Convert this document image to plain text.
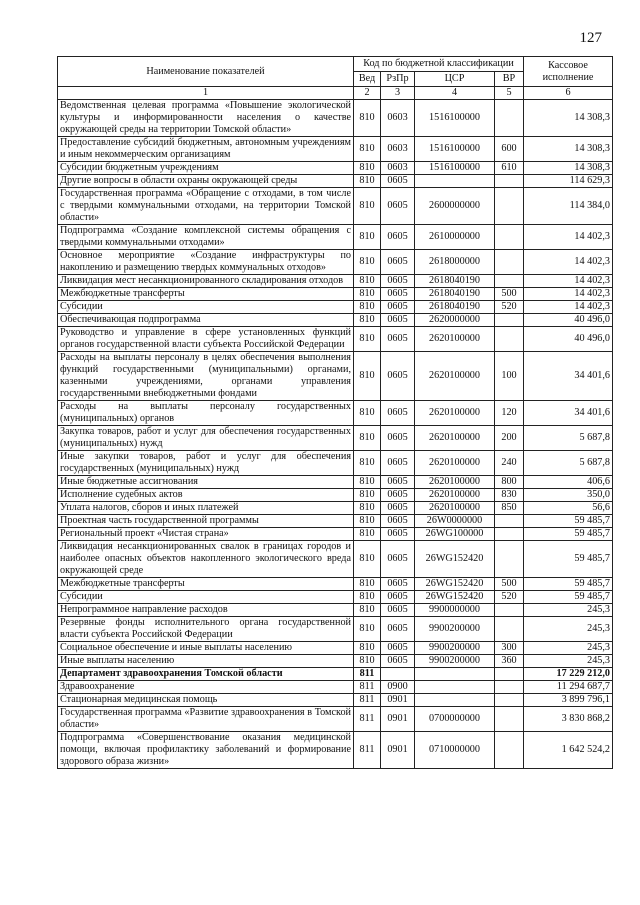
127
Наименование показателей	Код по бюджетной классификации				Кассовое исполнение
	Вед	РзПр	ЦСР	ВР	
1	2	3	4	5	6
Ведомственная целевая программа «Повышение экологической культуры и информированности населения о качестве окружающей среды на территории Томской области»	810	0603	1516100000		14 308,3
Предоставление субсидий бюджетным, автономным учреждениям и иным некоммерческим организациям	810	0603	1516100000	600	14 308,3
Субсидии бюджетным учреждениям	810	0603	1516100000	610	14 308,3
Другие вопросы в области охраны окружающей среды	810	0605			114 629,3
Государственная программа «Обращение с отходами, в том числе с твердыми коммунальными отходами, на территории Томской области»	810	0605	2600000000		114 384,0
Подпрограмма «Создание комплексной системы обращения с твердыми коммунальными отходами»	810	0605	2610000000		14 402,3
Основное мероприятие «Создание инфраструктуры по накоплению и размещению твердых коммунальных отходов»	810	0605	2618000000		14 402,3
Ликвидация мест несанкционированного складирования отходов	810	0605	2618040190		14 402,3
Межбюджетные трансферты	810	0605	2618040190	500	14 402,3
Субсидии	810	0605	2618040190	520	14 402,3
Обеспечивающая подпрограмма	810	0605	2620000000		40 496,0
Руководство и управление в сфере установленных функций органов государственной власти субъекта Российской Федерации	810	0605	2620100000		40 496,0
Расходы на выплаты персоналу в целях обеспечения выполнения функций государственными (муниципальными) органами, казенными учреждениями, органами управления государственными внебюджетными фондами	810	0605	2620100000	100	34 401,6
Расходы на выплаты персоналу государственных (муниципальных) органов	810	0605	2620100000	120	34 401,6
Закупка товаров, работ и услуг для обеспечения государственных (муниципальных) нужд	810	0605	2620100000	200	5 687,8
Иные закупки товаров, работ и услуг для обеспечения государственных (муниципальных) нужд	810	0605	2620100000	240	5 687,8
Иные бюджетные ассигнования	810	0605	2620100000	800	406,6
Исполнение судебных актов	810	0605	2620100000	830	350,0
Уплата налогов, сборов и иных платежей	810	0605	2620100000	850	56,6
Проектная часть государственной программы	810	0605	26W0000000		59 485,7
Региональный проект «Чистая страна»	810	0605	26WG100000		59 485,7
Ликвидация несанкционированных свалок в границах городов и наиболее опасных объектов накопленного экологического вреда окружающей среде	810	0605	26WG152420		59 485,7
Межбюджетные трансферты	810	0605	26WG152420	500	59 485,7
Субсидии	810	0605	26WG152420	520	59 485,7
Непрограммное направление расходов	810	0605	9900000000		245,3
Резервные фонды исполнительного органа государственной власти субъекта Российской Федерации	810	0605	9900200000		245,3
Социальное обеспечение и иные выплаты населению	810	0605	9900200000	300	245,3
Иные выплаты населению	810	0605	9900200000	360	245,3
Департамент здравоохранения Томской области	811				17 229 212,0
Здравоохранение	811	0900			11 294 687,7
Стационарная медицинская помощь	811	0901			3 899 796,1
Государственная программа «Развитие здравоохранения в Томской области»	811	0901	0700000000		3 830 868,2
Подпрограмма «Совершенствование оказания медицинской помощи, включая профилактику заболеваний и формирование здорового образа жизни»	811	0901	0710000000		1 642 524,2
